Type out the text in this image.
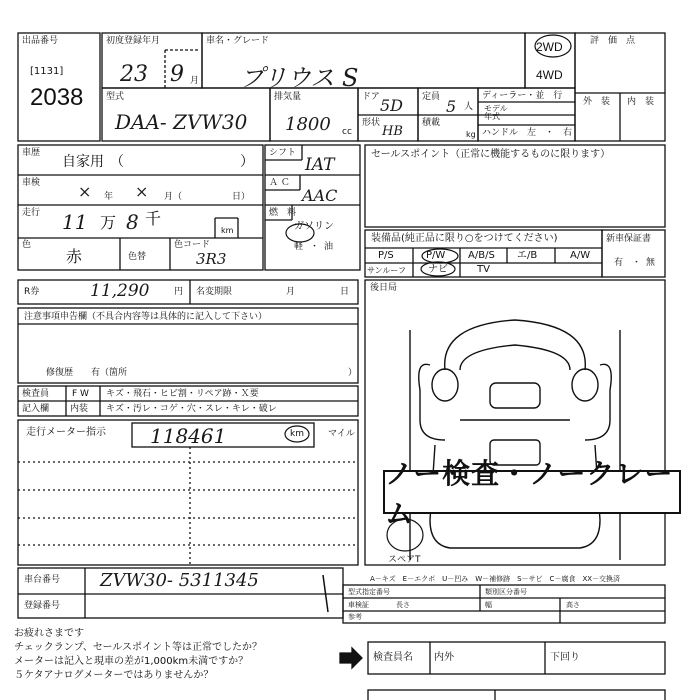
出品番号
[1131]
2038
初度登録年月
23 9 月
車名・グレード
プリウス S
2WD
4WD
評　価　点
外　装 内　装
型式
DAA- ZVW30
排気量
1800 cc
ドア 5D
形状
HB
定員 5 人
積載
kg
ディーラー・並　行
モデル
年式
ハンドル　左　・　右
車歴
自家用 （	）
車検 × 年 × 月（	日）
走行 11 万 8 千
km
色
赤	色替
色コード
3R3
シフト
IAT
Ａ Ｃ
AAC
燃　料
ガソリン
軽 ・ 油
セールスポイント（正常に機能するものに限ります）
装備品(純正品に限り○をつけてください)
P/S	P/W A/B/S エ/B	A/W
サンルーフ ナビ	TV
新車保証書
有 ・ 無
R券	11,290	円 名変期限	月	日 後日局
注意事項申告欄（不具合内容等は具体的に記入して下さい）
修復歴　　有（箇所	）
検査員
記入欄
F W キズ・飛石・ヒビ割・リペア跡・Ｘ要
内装 キズ・汚レ・コゲ・穴・スレ・キレ・破レ
走行メーター指示 118461	km	マイル
ノー検査・ノークレーム
スペアT
A－キズ　E－エクボ　U－凹み　W－補修跡　S－サビ　C－腐食　XX－交換済
車台番号 ZVW30- 5311345
登録番号
型式指定番号	類別区分番号
車検証	長さ	幅	高さ
参考
お疲れさまです
チェックランプ、セールスポイント等は正常でしたか？
メーターは記入と現車の差が1,000km未満ですか？
５ケタアナログメーターではありませんか？
検査員名 内外	下回り
